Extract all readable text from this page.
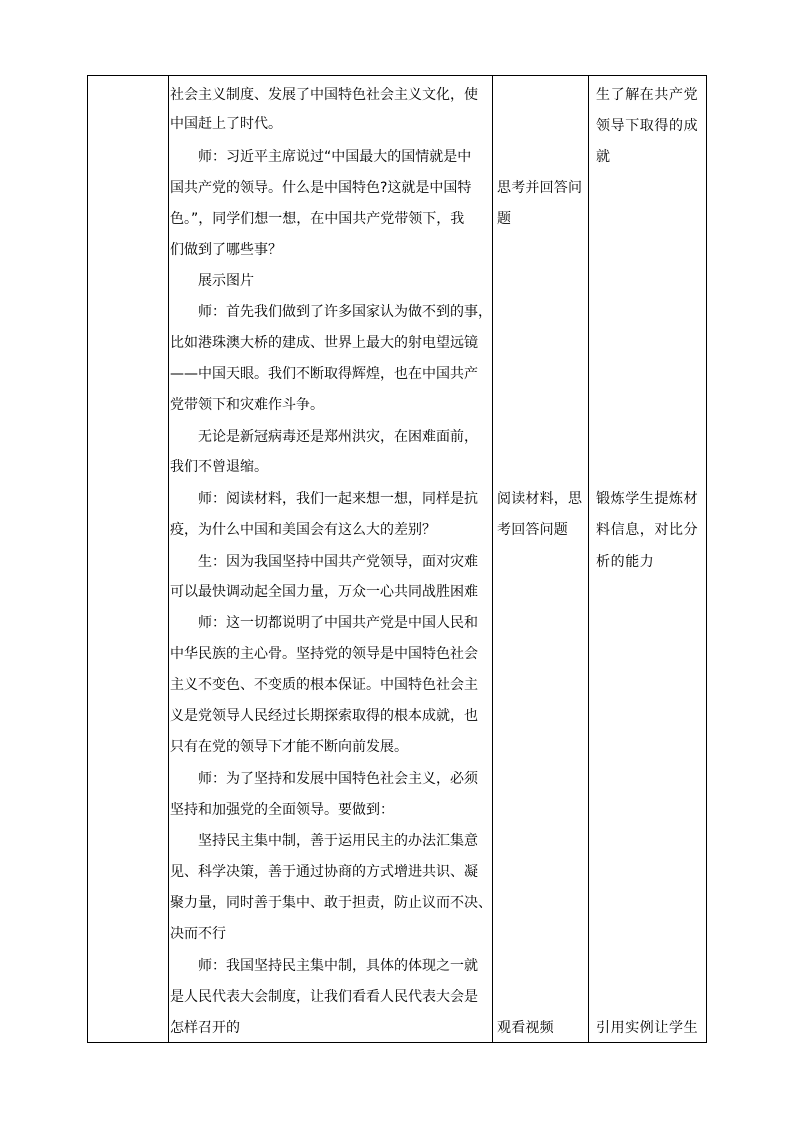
社会主义制度、发展了中国特色社会主义文化，使
中国赶上了时代。
　　师：习近平主席说过“中国最大的国情就是中
国共产党的领导。什么是中国特色?这就是中国特
色。”，同学们想一想，在中国共产党带领下，我
们做到了哪些事？
　　展示图片
　　师：首先我们做到了许多国家认为做不到的事，
比如港珠澳大桥的建成、世界上最大的射电望远镜
——中国天眼。我们不断取得辉煌，也在中国共产
党带领下和灾难作斗争。
　　无论是新冠病毒还是郑州洪灾，在困难面前，
我们不曾退缩。
　　师：阅读材料，我们一起来想一想，同样是抗
疫，为什么中国和美国会有这么大的差别？
　　生：因为我国坚持中国共产党领导，面对灾难
可以最快调动起全国力量，万众一心共同战胜困难
　　师：这一切都说明了中国共产党是中国人民和
中华民族的主心骨。坚持党的领导是中国特色社会
主义不变色、不变质的根本保证。中国特色社会主
义是党领导人民经过长期探索取得的根本成就，也
只有在党的领导下才能不断向前发展。
　　师：为了坚持和发展中国特色社会主义，必须
坚持和加强党的全面领导。要做到：
　　坚持民主集中制，善于运用民主的办法汇集意
见、科学决策，善于通过协商的方式增进共识、凝
聚力量，同时善于集中、敢于担责，防止议而不决、
决而不行
　　师：我国坚持民主集中制，具体的体现之一就
是人民代表大会制度，让我们看看人民代表大会是
怎样召开的
思考并回答问
题
阅读材料，思
考回答问题
观看视频
生了解在共产党
领导下取得的成
就
锻炼学生提炼材
料信息，对比分
析的能力
引用实例让学生
